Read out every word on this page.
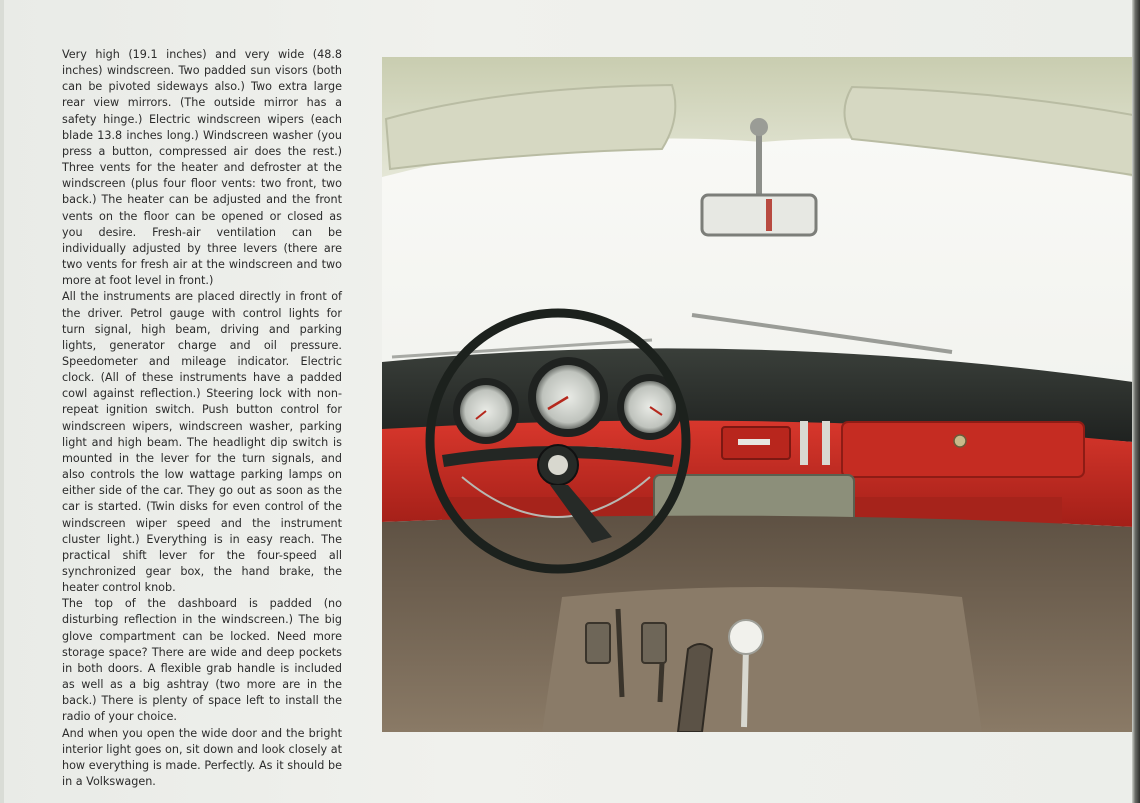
Very high (19.1 inches) and very wide (48.8 inches) windscreen. Two padded sun visors (both can be pivoted sideways also.) Two extra large rear view mirrors. (The outside mirror has a safety hinge.) Electric windscreen wipers (each blade 13.8 inches long.) Windscreen washer (you press a button, compressed air does the rest.) Three vents for the heater and defroster at the windscreen (plus four floor vents: two front, two back.) The heater can be adjusted and the front vents on the floor can be opened or closed as you desire. Fresh-air ventilation can be individually adjusted by three levers (there are two vents for fresh air at the windscreen and two more at foot level in front.)

All the instruments are placed directly in front of the driver. Petrol gauge with control lights for turn signal, high beam, driving and parking lights, generator charge and oil pressure. Speedometer and mileage indicator. Electric clock. (All of these instruments have a padded cowl against reflection.) Steering lock with non-repeat ignition switch. Push button control for windscreen wipers, windscreen washer, parking light and high beam. The headlight dip switch is mounted in the lever for the turn signals, and also controls the low wattage parking lamps on either side of the car. They go out as soon as the car is started. (Twin disks for even control of the windscreen wiper speed and the instrument cluster light.) Everything is in easy reach. The practical shift lever for the four-speed all synchronized gear box, the hand brake, the heater control knob.

The top of the dashboard is padded (no disturbing reflection in the windscreen.) The big glove compartment can be locked. Need more storage space? There are wide and deep pockets in both doors. A flexible grab handle is included as well as a big ashtray (two more are in the back.) There is plenty of space left to install the radio of your choice.

And when you open the wide door and the bright interior light goes on, sit down and look closely at how everything is made. Perfectly. As it should be in a Volkswagen.
